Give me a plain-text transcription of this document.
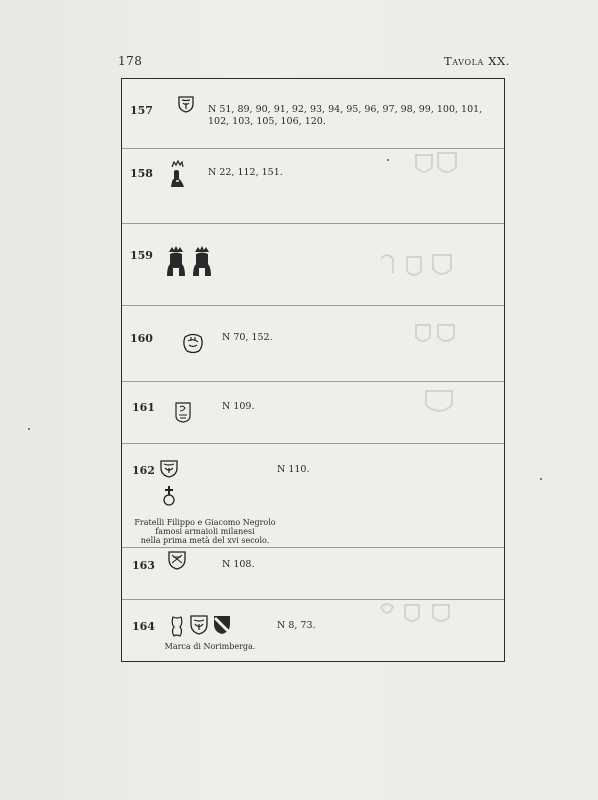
178	Tavola XX.
157	N 51, 89, 90, 91, 92, 93, 94, 95, 96, 97, 98, 99, 100, 101, 102, 103, 105, 106, 120.
158	N 22, 112, 151.
159
160	N 70, 152.
161	N 109.
162	N 110.
Fratelli Filippo e Giacomo Negrolo
famosi armaioli milanesi
nella prima metà del xvi secolo.
163	N 108.
164	N 8, 73.
Marca di Norimberga.
